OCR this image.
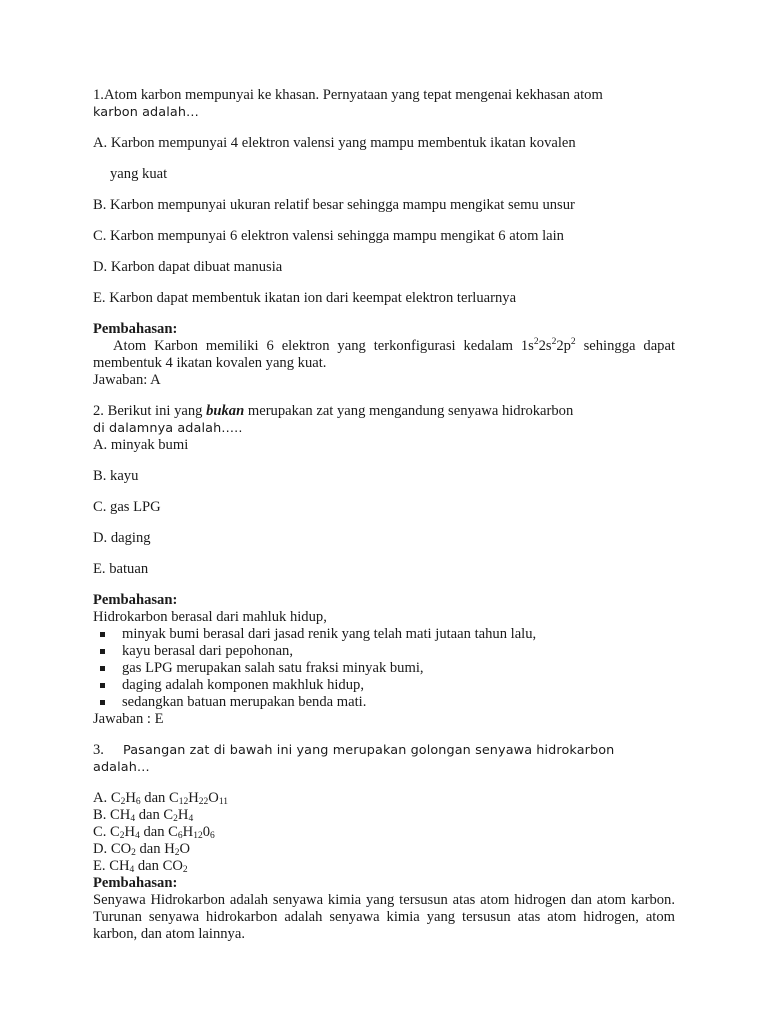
1.Atom karbon mempunyai ke khasan. Pernyataan yang tepat mengenai kekhasan atom

karbon adalah…

A. Karbon mempunyai 4 elektron valensi yang mampu membentuk ikatan kovalen

yang kuat

B. Karbon mempunyai ukuran relatif besar sehingga mampu mengikat semu unsur

C. Karbon mempunyai 6 elektron valensi sehingga mampu mengikat 6 atom lain

D. Karbon dapat dibuat manusia

E. Karbon dapat membentuk ikatan ion dari keempat elektron terluarnya

Pembahasan:

Atom Karbon memiliki 6 elektron yang terkonfigurasi kedalam $1s^22s^22p^2$ sehingga dapat membentuk 4 ikatan kovalen yang kuat.

Jawaban: A

2. Berikut ini yang bukan merupakan zat yang mengandung senyawa hidrokarbon

di dalamnya adalah…..

A. minyak bumi

B. kayu

C. gas LPG

D. daging

E. batuan

Pembahasan:

Hidrokarbon berasal dari mahluk hidup,

minyak bumi berasal dari jasad renik yang telah mati jutaan tahun lalu,
kayu berasal dari pepohonan,
gas LPG merupakan salah satu fraksi minyak bumi,
daging adalah komponen makhluk hidup,
sedangkan batuan merupakan benda mati.

Jawaban : E

3. Pasangan zat di bawah ini yang merupakan golongan senyawa hidrokarbon adalah…

A. $C_2H_6$ dan $C_{12}H_{22}O_{11}$

B. $CH_4$ dan $C_2H_4$

C. $C_2H_4$ dan $C_6H_{12}0_6$

D. $CO_2$ dan $H_2O$

E. $CH_4$ dan $CO_2$

Pembahasan:

Senyawa Hidrokarbon adalah senyawa kimia yang tersusun atas atom hidrogen dan atom karbon. Turunan senyawa hidrokarbon adalah senyawa kimia yang tersusun atas atom hidrogen, atom karbon, dan atom lainnya.
